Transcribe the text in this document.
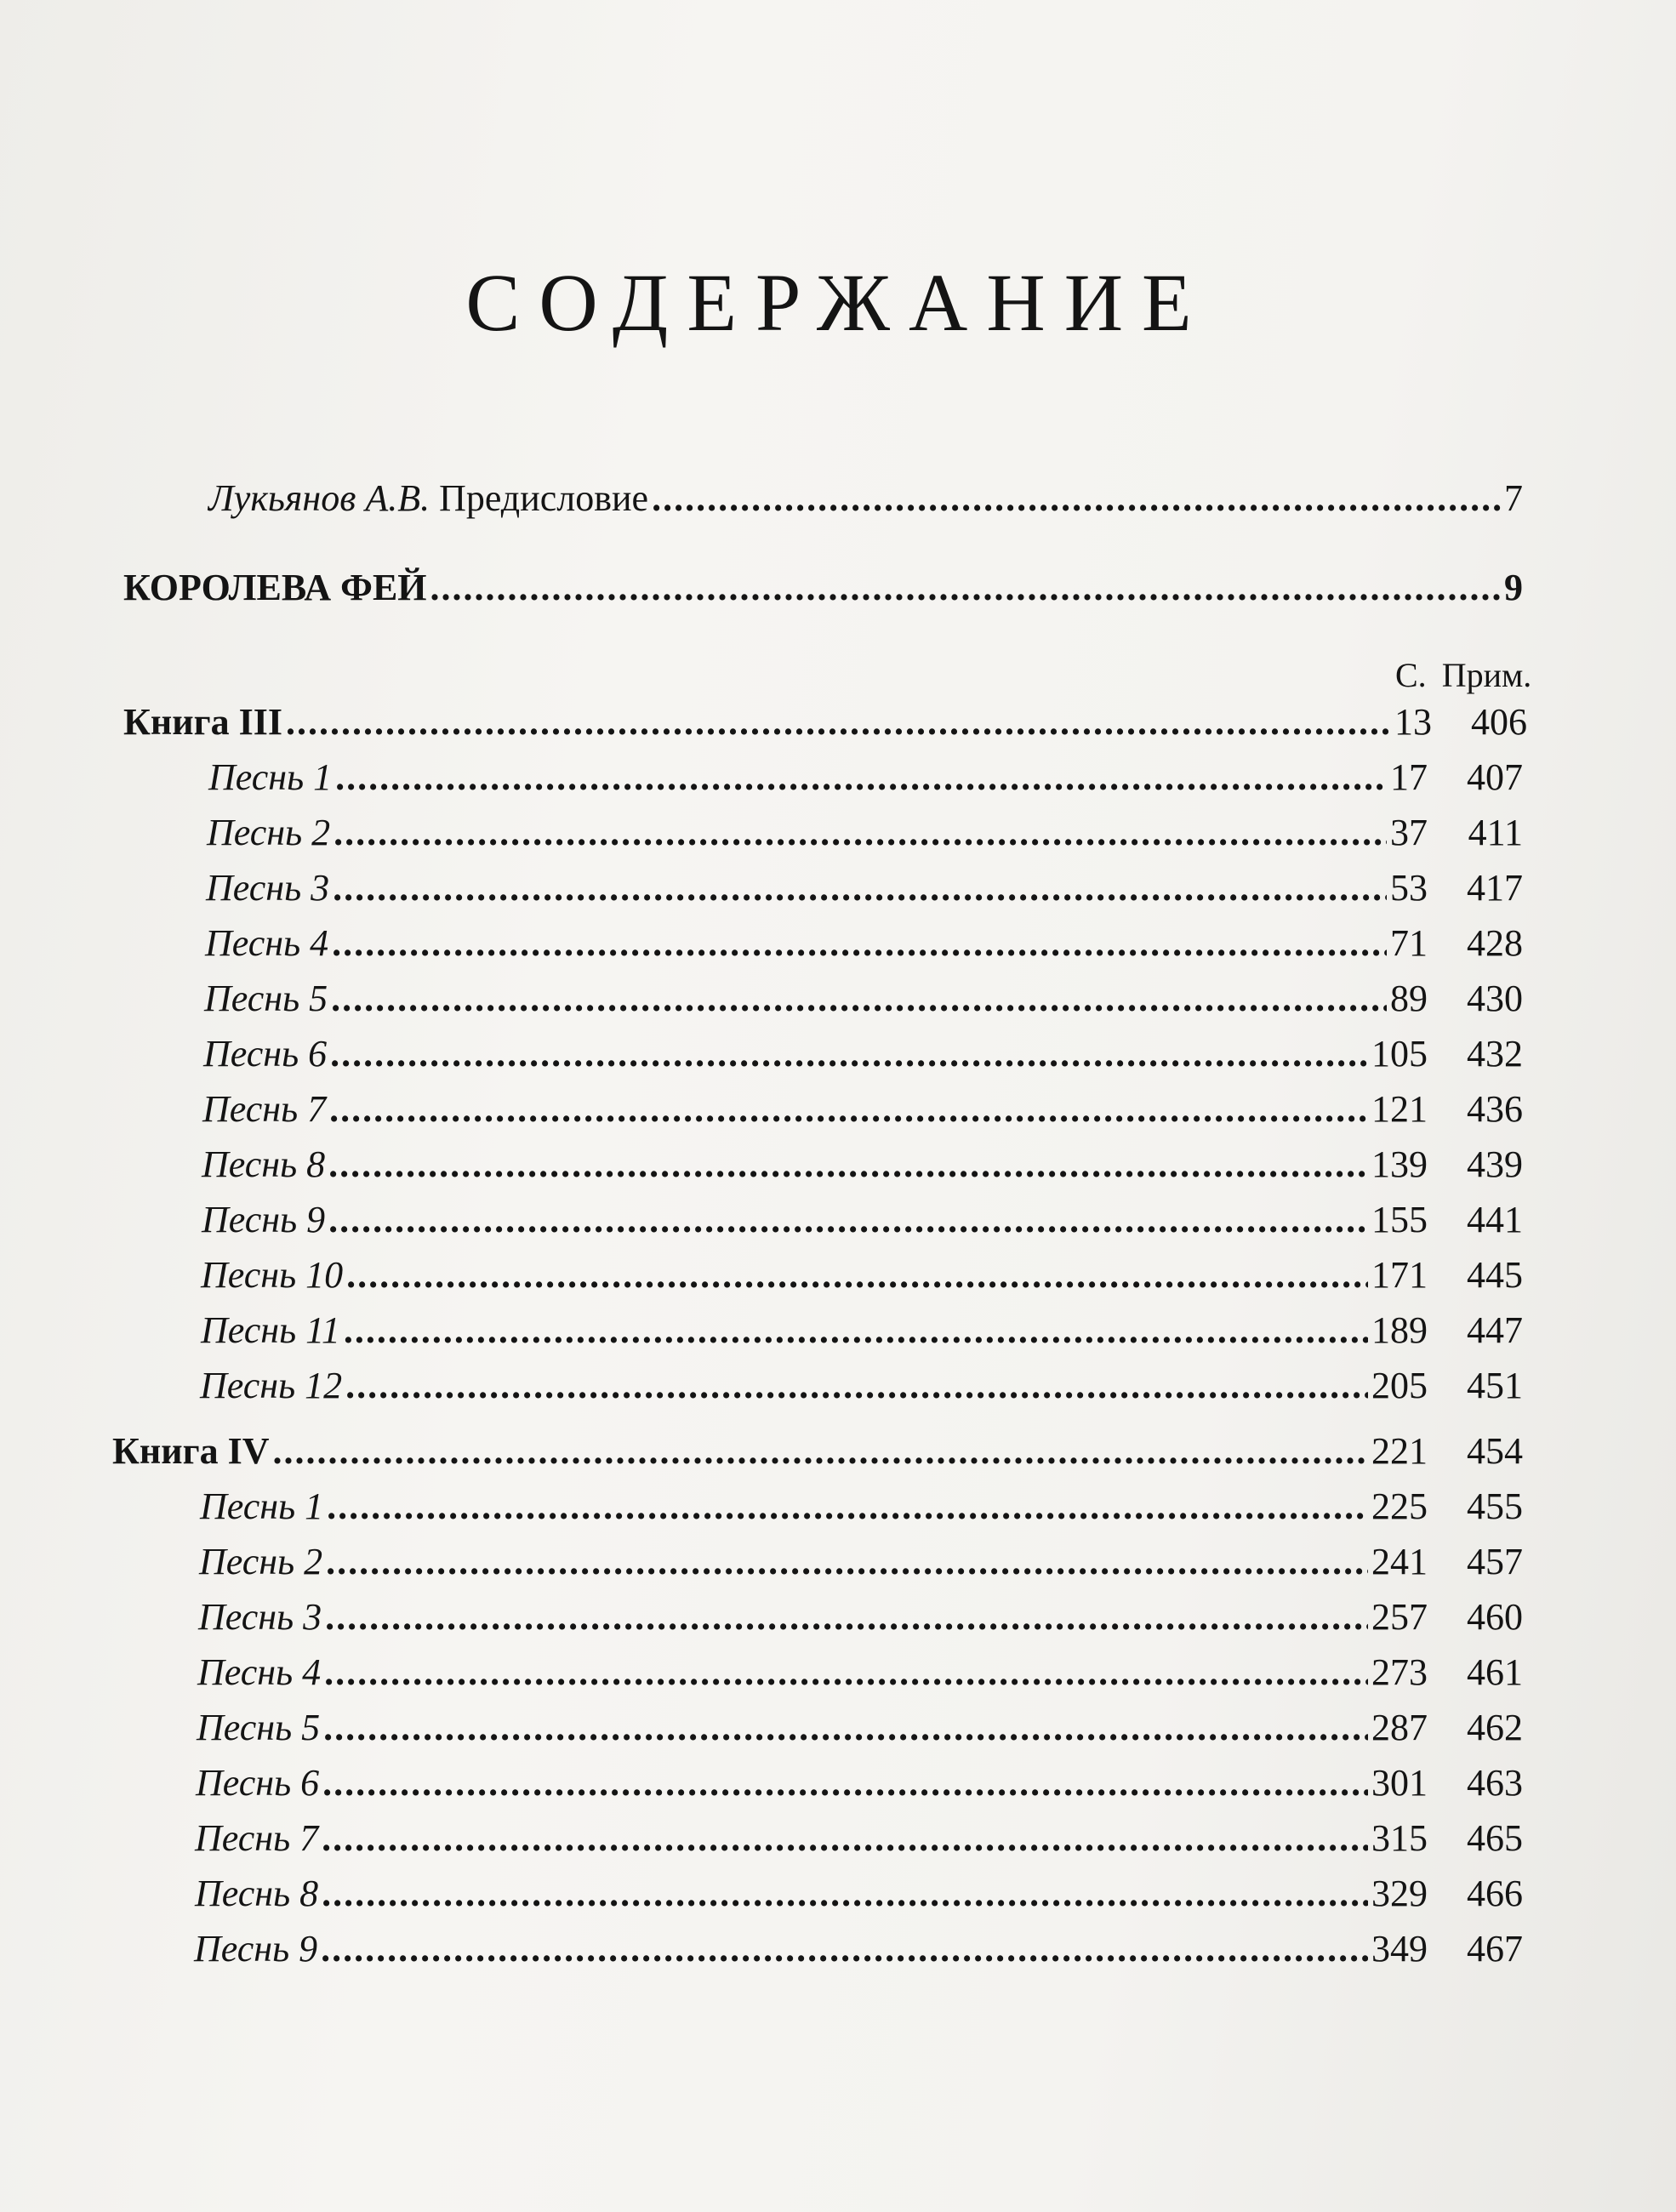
СОДЕРЖАНИЕ
Лукьянов А.В. Предисловие .....	7
КОРОЛЕВА ФЕЙ .....	9
С. Прим.
Книга III .....	13	406
Песнь 1 .....	17	407
Песнь 2 .....	37	411
Песнь 3 .....	53	417
Песнь 4 .....	71	428
Песнь 5 .....	89	430
Песнь 6 .....	105	432
Песнь 7 .....	121	436
Песнь 8 .....	139	439
Песнь 9 .....	155	441
Песнь 10 .....	171	445
Песнь 11 .....	189	447
Песнь 12 .....	205	451
Книга IV .....	221	454
Песнь 1 .....	225	455
Песнь 2 .....	241	457
Песнь 3 .....	257	460
Песнь 4 .....	273	461
Песнь 5 .....	287	462
Песнь 6 .....	301	463
Песнь 7 .....	315	465
Песнь 8 .....	329	466
Песнь 9 .....	349	467
